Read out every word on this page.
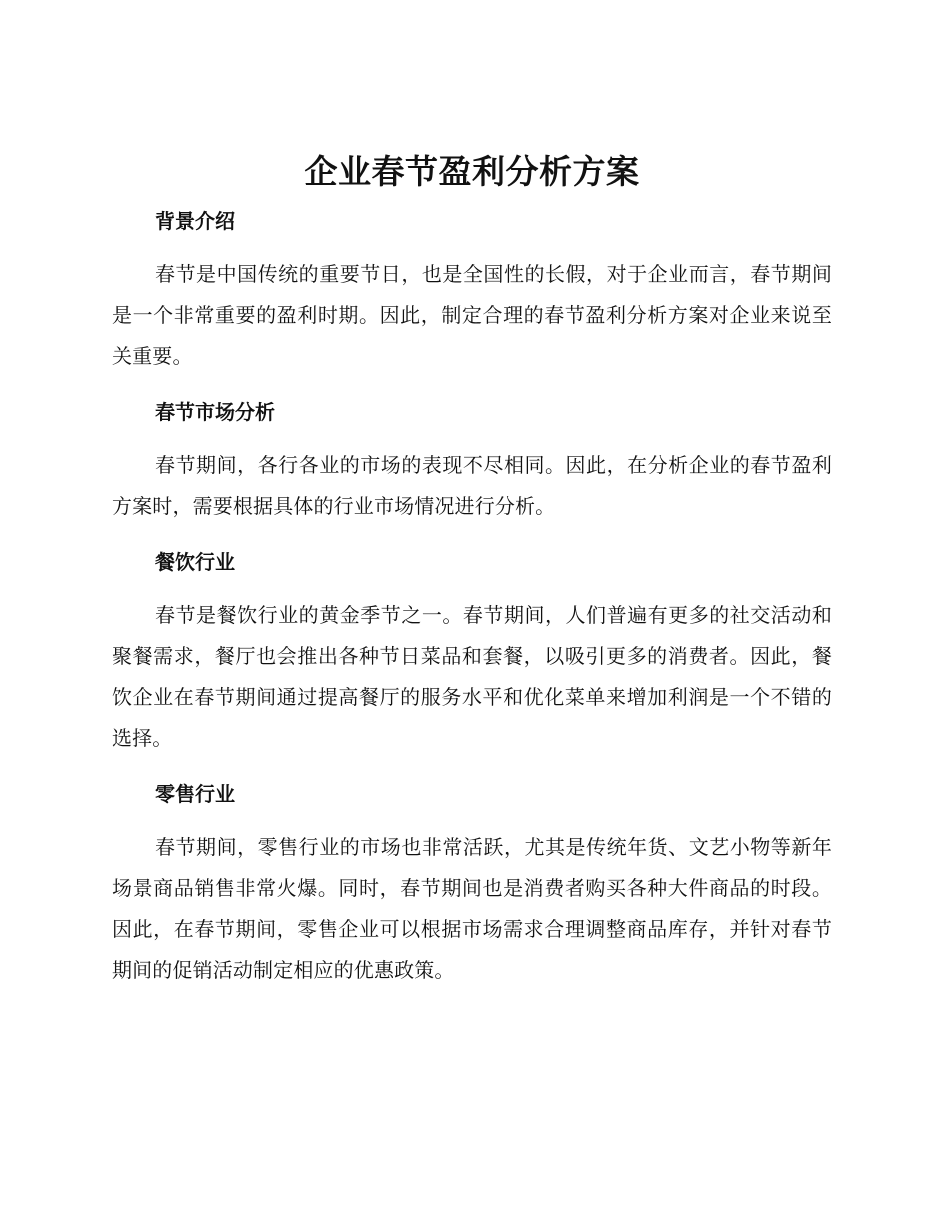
企业春节盈利分析方案
背景介绍

春节是中国传统的重要节日，也是全国性的长假，对于企业而言，春节期间是一个非常重要的盈利时期。因此，制定合理的春节盈利分析方案对企业来说至关重要。

春节市场分析

春节期间，各行各业的市场的表现不尽相同。因此，在分析企业的春节盈利方案时，需要根据具体的行业市场情况进行分析。

餐饮行业

春节是餐饮行业的黄金季节之一。春节期间，人们普遍有更多的社交活动和聚餐需求，餐厅也会推出各种节日菜品和套餐，以吸引更多的消费者。因此，餐饮企业在春节期间通过提高餐厅的服务水平和优化菜单来增加利润是一个不错的选择。

零售行业

春节期间，零售行业的市场也非常活跃，尤其是传统年货、文艺小物等新年场景商品销售非常火爆。同时，春节期间也是消费者购买各种大件商品的时段。因此，在春节期间，零售企业可以根据市场需求合理调整商品库存，并针对春节期间的促销活动制定相应的优惠政策。
